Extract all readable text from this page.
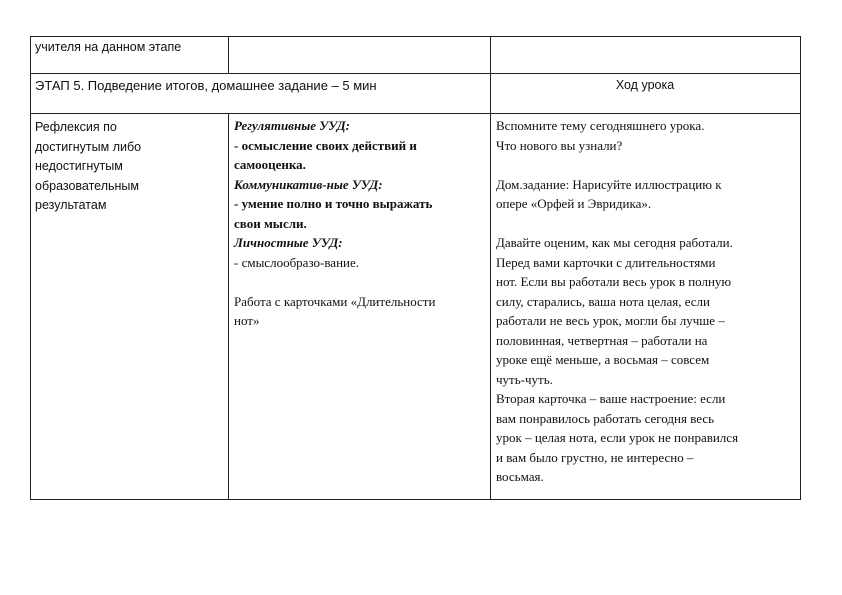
учителя на данном этапе
ЭТАП 5. Подведение итогов, домашнее задание – 5 мин	Ход урока

Рефлексия по

достигнутым либо

недостигнутым

образовательным

результатам

Регулятивные УУД:

- осмысление своих действий и

самооценка.

Коммуникатив-ные УУД:

- умение полно и точно выражать

свои мысли.

Личностные УУД:

- смыслообразо-вание.

Работа с карточками «Длительности

нот»

Вспомните тему сегодняшнего урока.

Что нового вы узнали?

Дом.задание: Нарисуйте иллюстрацию к

опере «Орфей и Эвридика».

Давайте оценим, как мы сегодня работали.

Перед вами карточки с длительностями

нот. Если вы работали весь урок в полную

силу, старались, ваша нота целая, если

работали не весь урок, могли бы лучше –

половинная, четвертная – работали на

уроке ещё меньше, а восьмая – совсем

чуть-чуть.

Вторая карточка – ваше настроение: если

вам понравилось работать сегодня весь

урок – целая нота, если урок не понравился

и вам было грустно, не интересно –

восьмая.
